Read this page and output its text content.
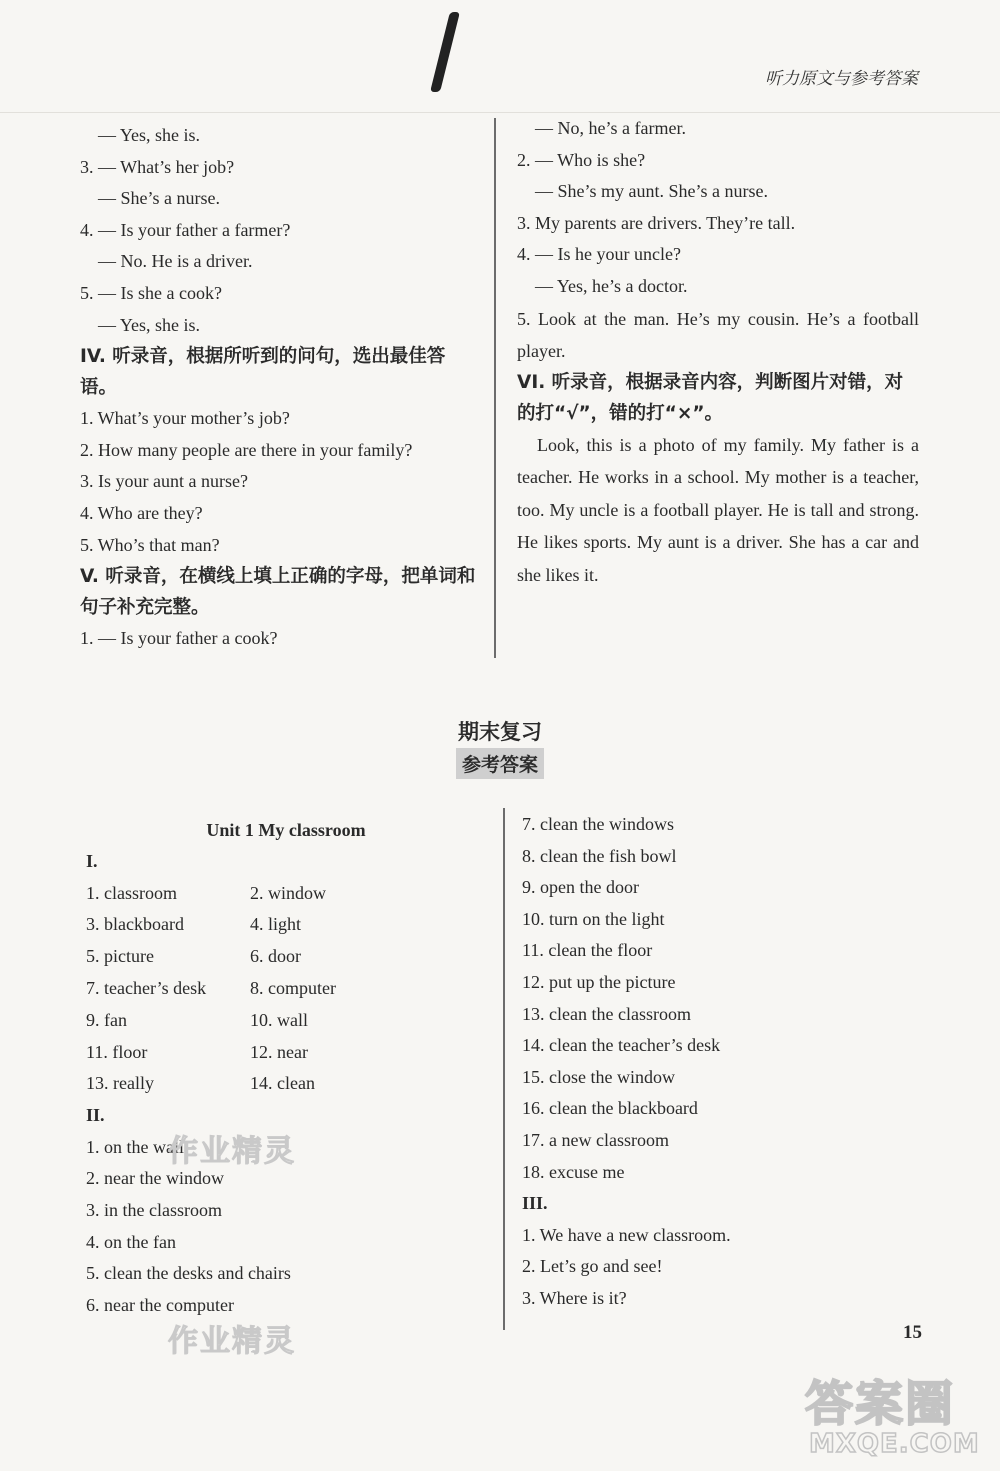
听力原文与参考答案
— Yes, she is.
3. — What’s her job?
— She’s a nurse.
4. — Is your father a farmer?
— No. He is a driver.
5. — Is she a cook?
— Yes, she is.
IV. 听录音，根据所听到的问句，选出最佳答语。
1. What’s your mother’s job?
2. How many people are there in your family?
3. Is your aunt a nurse?
4. Who are they?
5. Who’s that man?
V. 听录音，在横线上填上正确的字母，把单词和句子补充完整。
1. — Is your father a cook?
— No, he’s a farmer.
2. — Who is she?
— She’s my aunt. She’s a nurse.
3. My parents are drivers. They’re tall.
4. — Is he your uncle?
— Yes, he’s a doctor.
5. Look at the man. He’s my cousin. He’s a football player.
VI. 听录音，根据录音内容，判断图片对错，对的打“√”，错的打“×”。
Look, this is a photo of my family. My father is a teacher. He works in a school. My mother is a teacher, too. My uncle is a football player. He is tall and strong. He likes sports. My aunt is a driver. She has a car and she likes it.
期末复习
参考答案
Unit 1 My classroom
I.
1. classroom	2. window
3. blackboard	4. light
5. picture	6. door
7. teacher’s desk	8. computer
9. fan	10. wall
11. floor	12. near
13. really	14. clean
II.
1. on the wall
2. near the window
3. in the classroom
4. on the fan
5. clean the desks and chairs
6. near the computer
7. clean the windows
8. clean the fish bowl
9. open the door
10. turn on the light
11. clean the floor
12. put up the picture
13. clean the classroom
14. clean the teacher’s desk
15. close the window
16. clean the blackboard
17. a new classroom
18. excuse me
III.
1. We have a new classroom.
2. Let’s go and see!
3. Where is it?
15
作业精灵
作业精灵
答案圈
MXQE.COM
